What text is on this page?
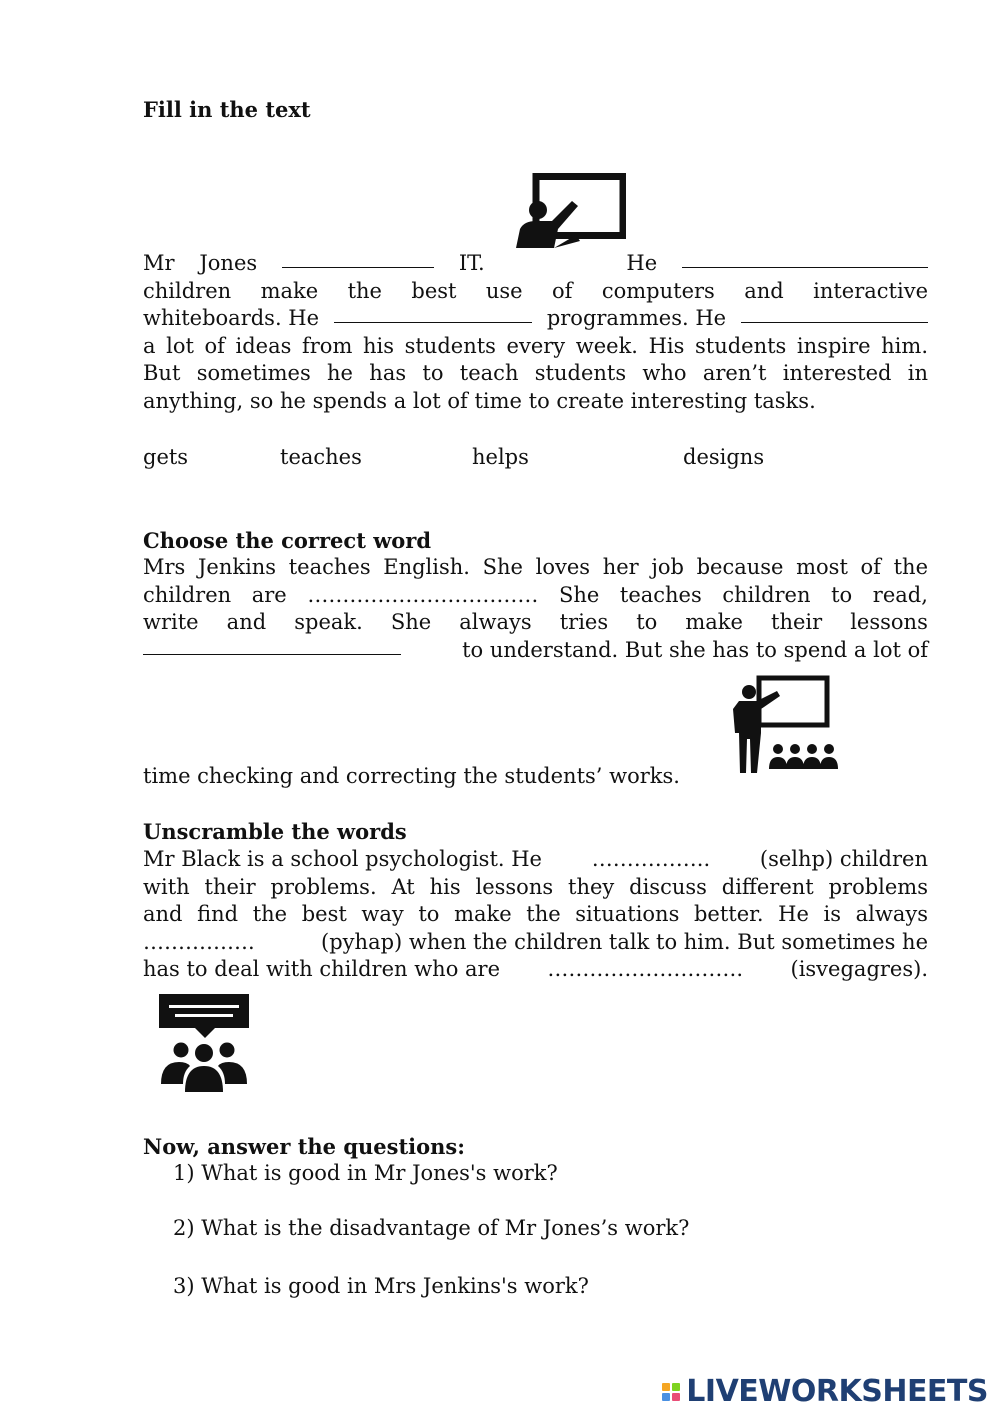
Fill in the text
Mr Jones	IT.	He
children make the best use of computers and interactive
whiteboards. He	programmes. He
a lot of ideas from his students every week. His students inspire him.
But sometimes he has to teach students who aren’t interested in
anything, so he spends a lot of time to create interesting tasks.
gets	teaches	helps	designs
Choose the correct word
Mrs Jenkins teaches English. She loves her job because most of the
children are …………………………… She teaches children to read,
write and speak. She always tries to make their lessons
to understand. But she has to spend a lot of
time checking and correcting the students’ works.
Unscramble the words
Mr Black is a school psychologist. He …………….. (selhp) children
with their problems. At his lessons they discuss different problems
and find the best way to make the situations better. He is always
…………….	(pyhap) when the children talk to him. But sometimes he
has to deal with children who are ………………………. (isvegagres).
Now, answer the questions:
1) What is good in Mr Jones's work?
2) What is the disadvantage of Mr Jones’s work?
3) What is good in Mrs Jenkins's work?
LIVEWORKSHEETS
